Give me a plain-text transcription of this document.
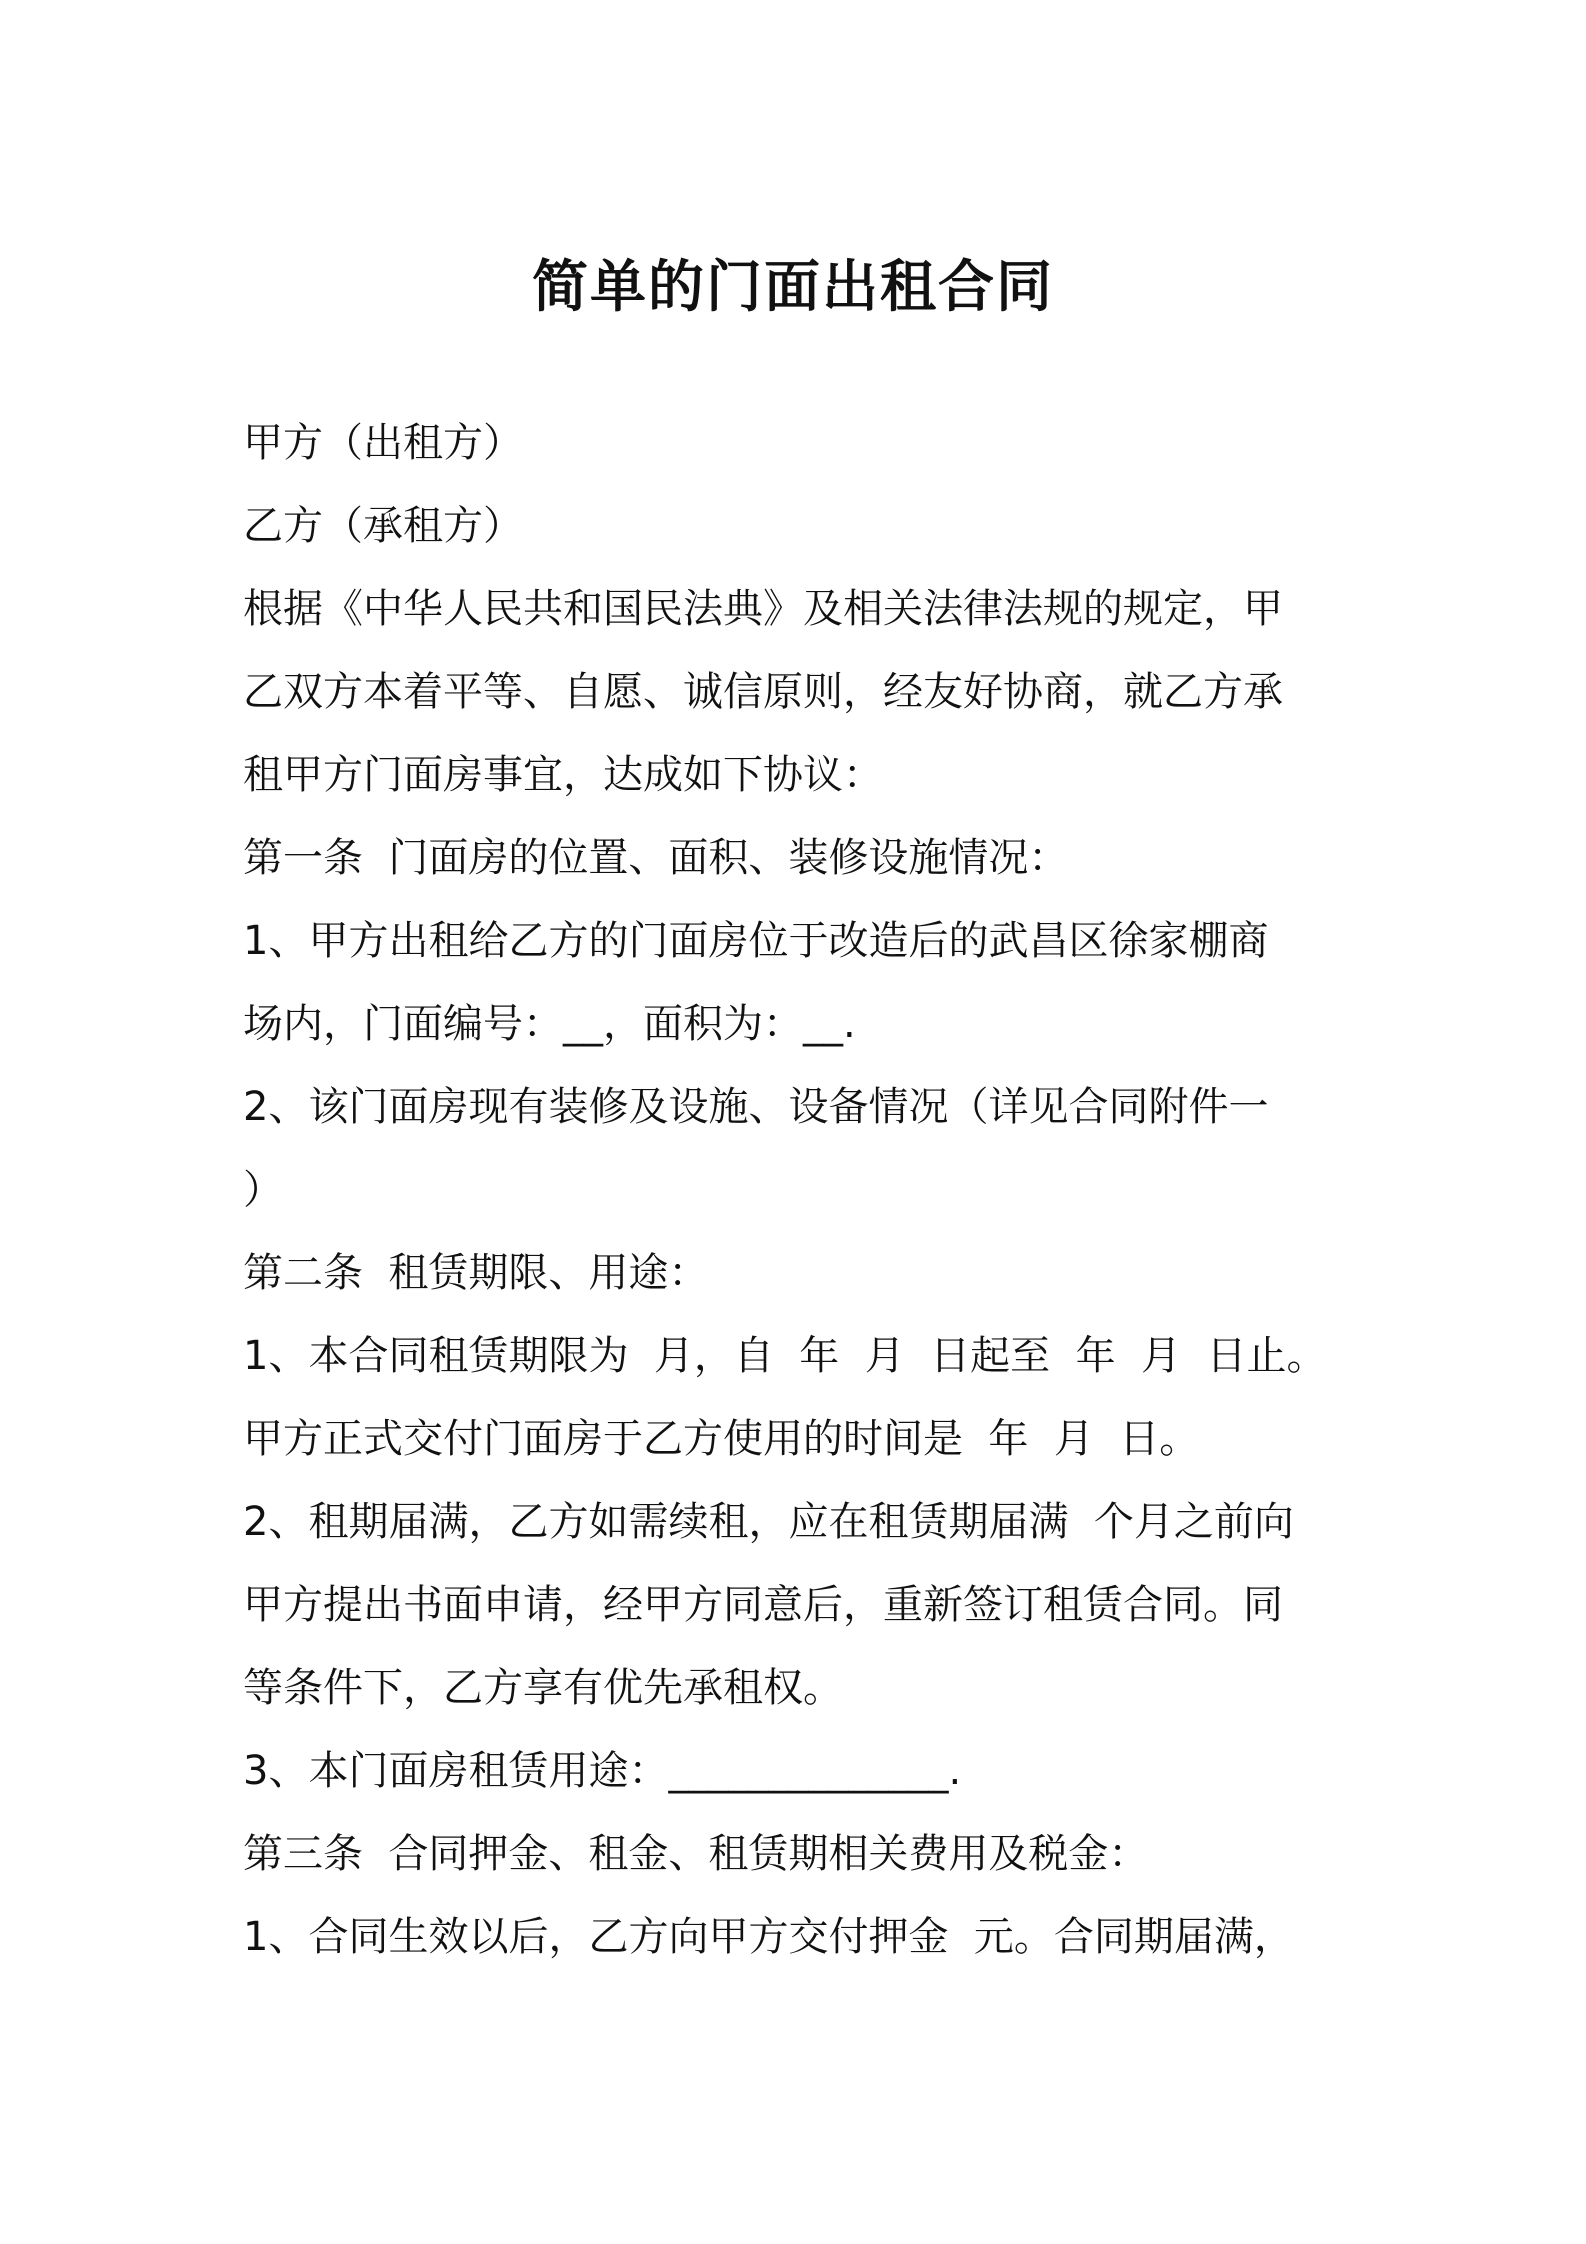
简单的门面出租合同

甲方（出租方）

乙方（承租方）

根据《中华人民共和国民法典》及相关法律法规的规定，甲

乙双方本着平等、自愿、诚信原则，经友好协商，就乙方承

租甲方门面房事宜，达成如下协议：

第一条  门面房的位置、面积、装修设施情况：

1、甲方出租给乙方的门面房位于改造后的武昌区徐家棚商

场内，门面编号：__，面积为：__.

2、该门面房现有装修及设施、设备情况（详见合同附件一

）

第二条  租赁期限、用途：

1、本合同租赁期限为  月，自  年  月  日起至  年  月  日止。

甲方正式交付门面房于乙方使用的时间是  年  月  日。

2、租期届满，乙方如需续租，应在租赁期届满  个月之前向

甲方提出书面申请，经甲方同意后，重新签订租赁合同。同

等条件下，乙方享有优先承租权。

3、本门面房租赁用途：______________.

第三条  合同押金、租金、租赁期相关费用及税金：

1、合同生效以后，乙方向甲方交付押金  元。合同期届满，
